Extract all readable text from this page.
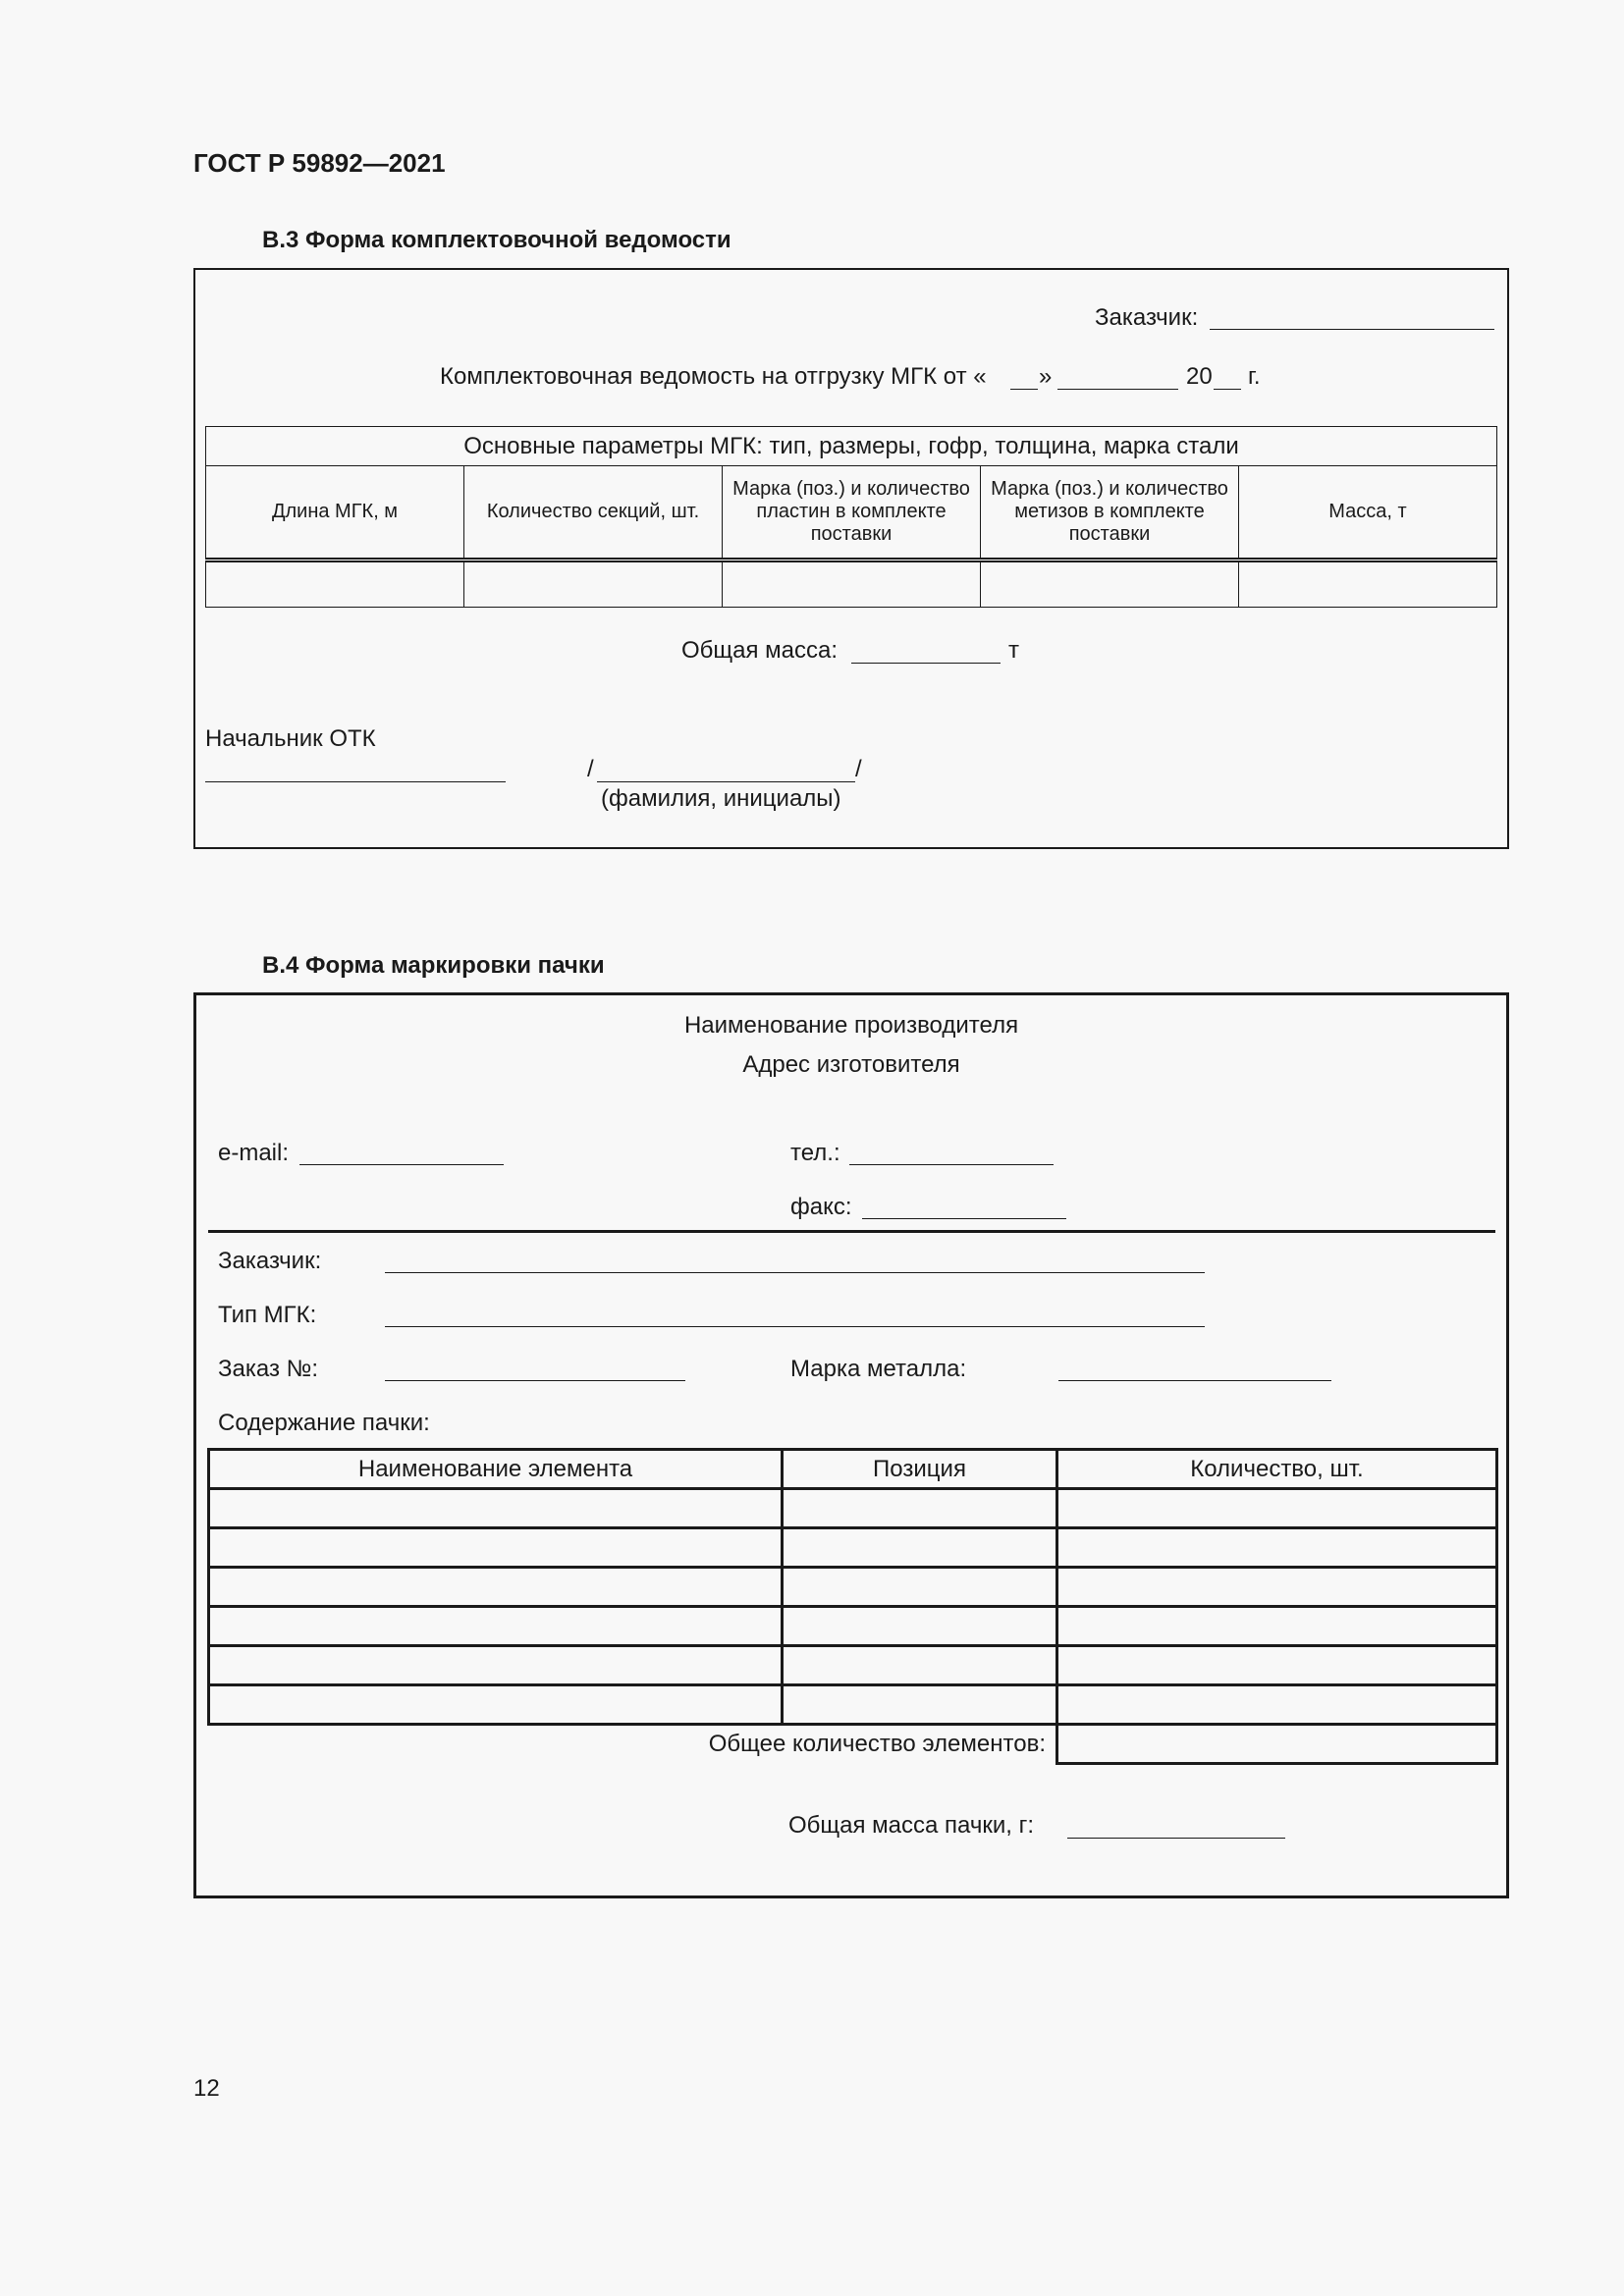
ГОСТ Р 59892—2021
В.3 Форма комплектовочной ведомости
Заказчик:
Комплектовочная ведомость на отгрузку МГК от « »	20 г.
Основные параметры МГК: тип, размеры, гофр, толщина, марка стали				
Длина МГК, м	Количество секций, шт.	Марка (поз.) и количество пластин в комплекте поставки	Марка (поз.) и количество метизов в комплекте поставки	Масса, т

Общая масса:	т
Начальник ОТК
/	/
(фамилия, инициалы)
В.4 Форма маркировки пачки
Наименование производителя
Адрес изготовителя
e-mail:	тел.:
факс:
Заказчик:
Тип МГК:
Заказ №:	Марка металла:
Содержание пачки:
Наименование элемента	Позиция	Количество, шт.

Общее количество элементов:		
Общая масса пачки, г:
12
